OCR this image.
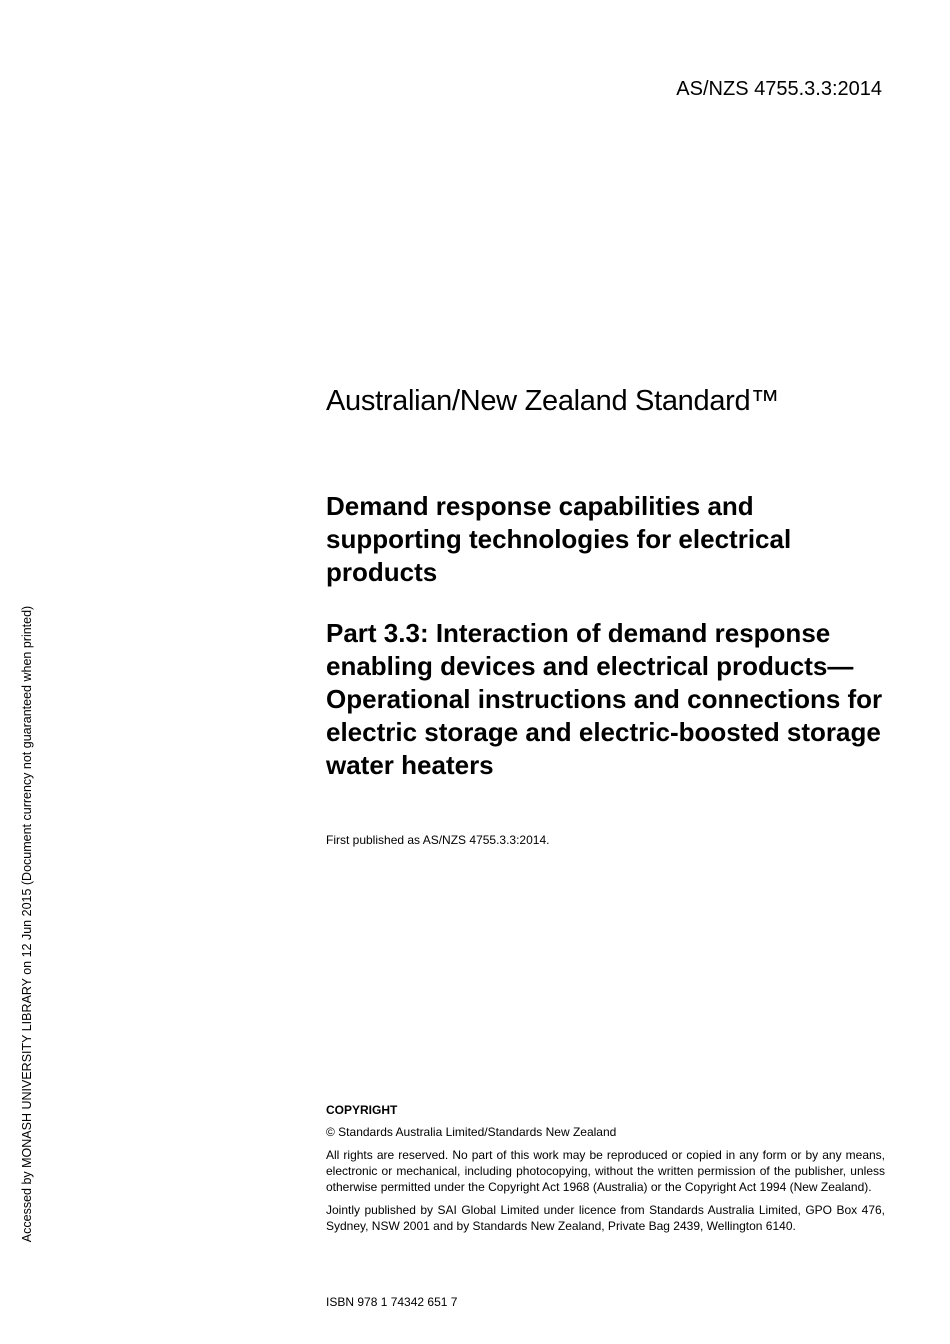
AS/NZS 4755.3.3:2014
Accessed by MONASH UNIVERSITY LIBRARY on 12 Jun 2015 (Document currency not guaranteed when printed)
Australian/New Zealand Standard™
Demand response capabilities and supporting technologies for electrical products
Part 3.3: Interaction of demand response enabling devices and electrical products—Operational instructions and connections for electric storage and electric-boosted storage water heaters
First published as AS/NZS 4755.3.3:2014.

COPYRIGHT

© Standards Australia Limited/Standards New Zealand

All rights are reserved. No part of this work may be reproduced or copied in any form or by any means, electronic or mechanical, including photocopying, without the written permission of the publisher, unless otherwise permitted under the Copyright Act 1968 (Australia) or the Copyright Act 1994 (New Zealand).

Jointly published by SAI Global Limited under licence from Standards Australia Limited, GPO Box 476, Sydney, NSW 2001 and by Standards New Zealand, Private Bag 2439, Wellington 6140.

ISBN 978 1 74342 651 7
